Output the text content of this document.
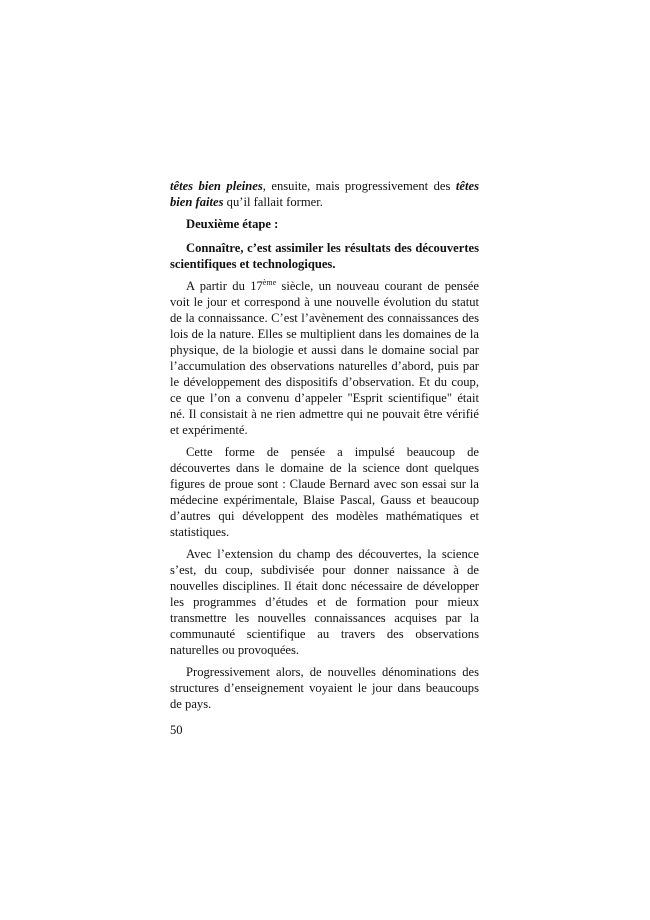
têtes bien pleines, ensuite, mais progressivement des têtes bien faites qu’il fallait former.

Deuxième étape :

Connaître, c’est assimiler les résultats des découvertes scientifiques et technologiques.

A partir du 17ème siècle, un nouveau courant de pensée voit le jour et correspond à une nouvelle évolution du statut de la connaissance. C’est l’avènement des connaissances des lois de la nature. Elles se multiplient dans les domaines de la physique, de la biologie et aussi dans le domaine social par l’accumulation des observations naturelles d’abord, puis par le développement des dispositifs d’observation. Et du coup, ce que l’on a convenu d’appeler "Esprit scientifique" était né. Il consistait à ne rien admettre qui ne pouvait être vérifié et expérimenté.

Cette forme de pensée a impulsé beaucoup de découvertes dans le domaine de la science dont quelques figures de proue sont : Claude Bernard avec son essai sur la médecine expérimentale, Blaise Pascal, Gauss et beaucoup d’autres qui développent des modèles mathématiques et statistiques.

Avec l’extension du champ des découvertes, la science s’est, du coup, subdivisée pour donner naissance à de nouvelles disciplines. Il était donc nécessaire de développer les programmes d’études et de formation pour mieux transmettre les nouvelles connaissances acquises par la communauté scientifique au travers des observations naturelles ou provoquées.

Progressivement alors, de nouvelles dénominations des structures d’enseignement voyaient le jour dans beaucoups de pays.

50
